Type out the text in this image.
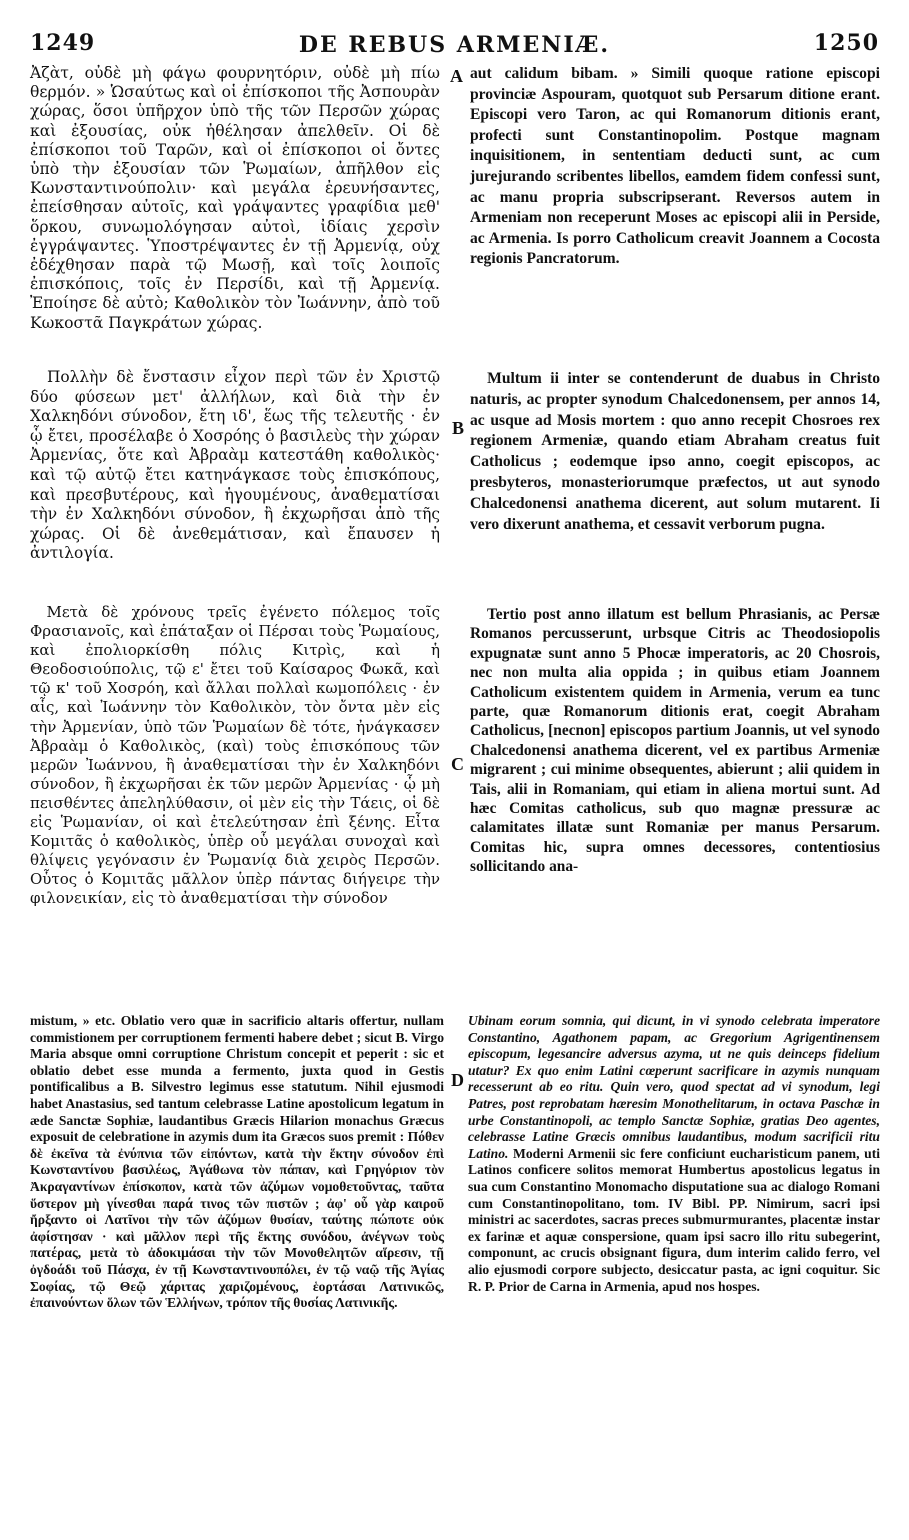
1249	DE REBUS ARMENIÆ.	1250
A
B
C
D

Ἀζὰτ, οὐδὲ μὴ φάγω φουρνητόριν, οὐδὲ μὴ πίω θερμόν. » Ὡσαύτως καὶ οἱ ἐπίσκοποι τῆς Ἀσπουρὰν χώρας, ὅσοι ὑπῆρχον ὑπὸ τῆς τῶν Περσῶν χώρας καὶ ἐξουσίας, οὐκ ἠθέλησαν ἀπελθεῖν. Οἱ δὲ ἐπίσκοποι τοῦ Ταρῶν, καὶ οἱ ἐπίσκοποι οἱ ὄντες ὑπὸ τὴν ἐξουσίαν τῶν Ῥωμαίων, ἀπῆλθον εἰς Κωνσταντινούπολιν· καὶ μεγάλα ἐρευνήσαντες, ἐπείσθησαν αὐτοῖς, καὶ γράψαντες γραφίδια μεθ' ὅρκου, συνωμολόγησαν αὐτοὶ, ἰδίαις χερσὶν ἐγγράψαντες. Ὑποστρέψαντες ἐν τῇ Ἀρμενίᾳ, οὐχ ἐδέχθησαν παρὰ τῷ Μωσῇ, καὶ τοῖς λοιποῖς ἐπισκόποις, τοῖς ἐν Περσίδι, καὶ τῇ Ἀρμενίᾳ. Ἐποίησε δὲ αὐτὸ; Καθολικὸν τὸν Ἰωάννην, ἀπὸ τοῦ Κωκοστᾶ Παγκράτων χώρας.

aut calidum bibam. » Simili quoque ratione episcopi provinciæ Aspouram, quotquot sub Persarum ditione erant. Episcopi vero Taron, ac qui Romanorum ditionis erant, profecti sunt Constantinopolim. Postque magnam inquisitionem, in sententiam deducti sunt, ac cum jurejurando scribentes libellos, eamdem fidem confessi sunt, ac manu propria subscripserant. Reversos autem in Armeniam non receperunt Moses ac episcopi alii in Perside, ac Armenia. Is porro Catholicum creavit Joannem a Cocosta regionis Pancratorum.

Πολλὴν δὲ ἔνστασιν εἶχον περὶ τῶν ἐν Χριστῷ δύο φύσεων μετ' ἀλλήλων, καὶ διὰ τὴν ἐν Χαλκηδόνι σύνοδον, ἔτη ιδ', ἕως τῆς τελευτῆς · ἐν ᾧ ἔτει, προσέλαβε ὁ Χοσρόης ὁ βασιλεὺς τὴν χώραν Ἀρμενίας, ὅτε καὶ Ἀβραὰμ κατεστάθη καθολικὸς· καὶ τῷ αὐτῷ ἔτει κατηνάγκασε τοὺς ἐπισκόπους, καὶ πρεσβυτέρους, καὶ ἡγουμένους, ἀναθεματίσαι τὴν ἐν Χαλκηδόνι σύνοδον, ἢ ἐκχωρῆσαι ἀπὸ τῆς χώρας. Οἱ δὲ ἀνεθεμάτισαν, καὶ ἔπαυσεν ἡ ἀντιλογία.

Multum ii inter se contenderunt de duabus in Christo naturis, ac propter synodum Chalcedonensem, per annos 14, ac usque ad Mosis mortem : quo anno recepit Chosroes rex regionem Armeniæ, quando etiam Abraham creatus fuit Catholicus ; eodemque ipso anno, coegit episcopos, ac presbyteros, monasteriorumque præfectos, ut aut synodo Chalcedonensi anathema dicerent, aut solum mutarent. Ii vero dixerunt anathema, et cessavit verborum pugna.

Μετὰ δὲ χρόνους τρεῖς ἐγένετο πόλεμος τοῖς Φρασιανοῖς, καὶ ἐπάταξαν οἱ Πέρσαι τοὺς Ῥωμαίους, καὶ ἐπολιορκίσθη πόλις Κιτρὶς, καὶ ἡ Θεοδοσιούπολις, τῷ ε' ἔτει τοῦ Καίσαρος Φωκᾶ, καὶ τῷ κ' τοῦ Χοσρόη, καὶ ἄλλαι πολλαὶ κωμοπόλεις · ἐν αἷς, καὶ Ἰωάννην τὸν Καθολικὸν, τὸν ὄντα μὲν εἰς τὴν Ἀρμενίαν, ὑπὸ τῶν Ῥωμαίων δὲ τότε, ἠνάγκασεν Ἀβραὰμ ὁ Καθολικὸς, (καὶ) τοὺς ἐπισκόπους τῶν μερῶν Ἰωάννου, ἢ ἀναθεματίσαι τὴν ἐν Χαλκηδόνι σύνοδον, ἢ ἐκχωρῆσαι ἐκ τῶν μερῶν Ἀρμενίας · ᾧ μὴ πεισθέντες ἀπεληλύθασιν, οἱ μὲν εἰς τὴν Τάεις, οἱ δὲ εἰς Ῥωμανίαν, οἱ καὶ ἐτελεύτησαν ἐπὶ ξένης. Εἶτα Κομιτᾶς ὁ καθολικὸς, ὑπὲρ οὗ μεγάλαι συνοχαὶ καὶ θλίψεις γεγόνασιν ἐν Ῥωμανίᾳ διὰ χειρὸς Περσῶν. Οὗτος ὁ Κομιτᾶς μᾶλλον ὑπὲρ πάντας διήγειρε τὴν φιλονεικίαν, εἰς τὸ ἀναθεματίσαι τὴν σύνοδον

Tertio post anno illatum est bellum Phrasianis, ac Persæ Romanos percusserunt, urbsque Citris ac Theodosiopolis expugnatæ sunt anno 5 Phocæ imperatoris, ac 20 Chosrois, nec non multa alia oppida ; in quibus etiam Joannem Catholicum existentem quidem in Armenia, verum ea tunc parte, quæ Romanorum ditionis erat, coegit Abraham Catholicus, [necnon] episcopos partium Joannis, ut vel synodo Chalcedonensi anathema dicerent, vel ex partibus Armeniæ migrarent ; cui minime obsequentes, abierunt ; alii quidem in Tais, alii in Romaniam, qui etiam in aliena mortui sunt. Ad hæc Comitas catholicus, sub quo magnæ pressuræ ac calamitates illatæ sunt Romaniæ per manus Persarum. Comitas hic, supra omnes decessores, contentiosius sollicitando ana-

mistum, » etc. Oblatio vero quæ in sacrificio altaris offertur, nullam commistionem per corruptionem fermenti habere debet ; sicut B. Virgo Maria absque omni corruptione Christum concepit et peperit : sic et oblatio debet esse munda a fermento, juxta quod in Gestis pontificalibus a B. Silvestro legimus esse statutum. Nihil ejusmodi habet Anastasius, sed tantum celebrasse Latine apostolicum legatum in æde Sanctæ Sophiæ, laudantibus Græcis Hilarion monachus Græcus exposuit de celebratione in azymis dum ita Græcos suos premit : Πόθεν δὲ ἐκεῖνα τὰ ἐνύπνια τῶν εἰπόντων, κατὰ τὴν ἕκτην σύνοδον ἐπὶ Κωνσταντίνου βασιλέως, Ἀγάθωνα τὸν πάπαν, καὶ Γρηγόριον τὸν Ἀκραγαντίνων ἐπίσκοπον, κατὰ τῶν ἀζύμων νομοθετοῦντας, ταῦτα ὕστερον μὴ γίνεσθαι παρά τινος τῶν πιστῶν ; ἀφ' οὗ γὰρ καιροῦ ἤρξαντο οἱ Λατῖνοι τὴν τῶν ἀζύμων θυσίαν, ταύτης πώποτε οὐκ ἀφίστησαν · καὶ μᾶλλον περὶ τῆς ἕκτης συνόδου, ἀνέγνων τοὺς πατέρας, μετὰ τὸ ἀδοκιμάσαι τὴν τῶν Μονοθελητῶν αἵρεσιν, τῇ ὀγδοάδι τοῦ Πάσχα, ἐν τῇ Κωνσταντινουπόλει, ἐν τῷ ναῷ τῆς Ἁγίας Σοφίας, τῷ Θεῷ χάριτας χαριζομένους, ἑορτάσαι Λατινικῶς, ἐπαινούντων ὅλων τῶν Ἑλλήνων, τρόπον τῆς θυσίας Λατινικῆς.

Ubinam eorum somnia, qui dicunt, in vi synodo celebrata imperatore Constantino, Agathonem papam, ac Gregorium Agrigentinensem episcopum, legesancire adversus azyma, ut ne quis deinceps fidelium utatur? Ex quo enim Latini cœperunt sacrificare in azymis nunquam recesserunt ab eo ritu. Quin vero, quod spectat ad vi synodum, legi Patres, post reprobatam hæresim Monothelitarum, in octava Paschæ in urbe Constantinopoli, ac templo Sanctæ Sophiæ, gratias Deo agentes, celebrasse Latine Græcis omnibus laudantibus, modum sacrificii ritu Latino. Moderni Armenii sic fere conficiunt eucharisticum panem, uti Latinos conficere solitos memorat Humbertus apostolicus legatus in sua cum Constantino Monomacho disputatione sua ac dialogo Romani cum Constantinopolitano, tom. IV Bibl. PP. Nimirum, sacri ipsi ministri ac sacerdotes, sacras preces submurmurantes, placentæ instar ex farinæ et aquæ conspersione, quam ipsi sacro illo ritu subegerint, componunt, ac crucis obsignant figura, dum interim calido ferro, vel alio ejusmodi corpore subjecto, desiccatur pasta, ac igni coquitur. Sic R. P. Prior de Carna in Armenia, apud nos hospes.
